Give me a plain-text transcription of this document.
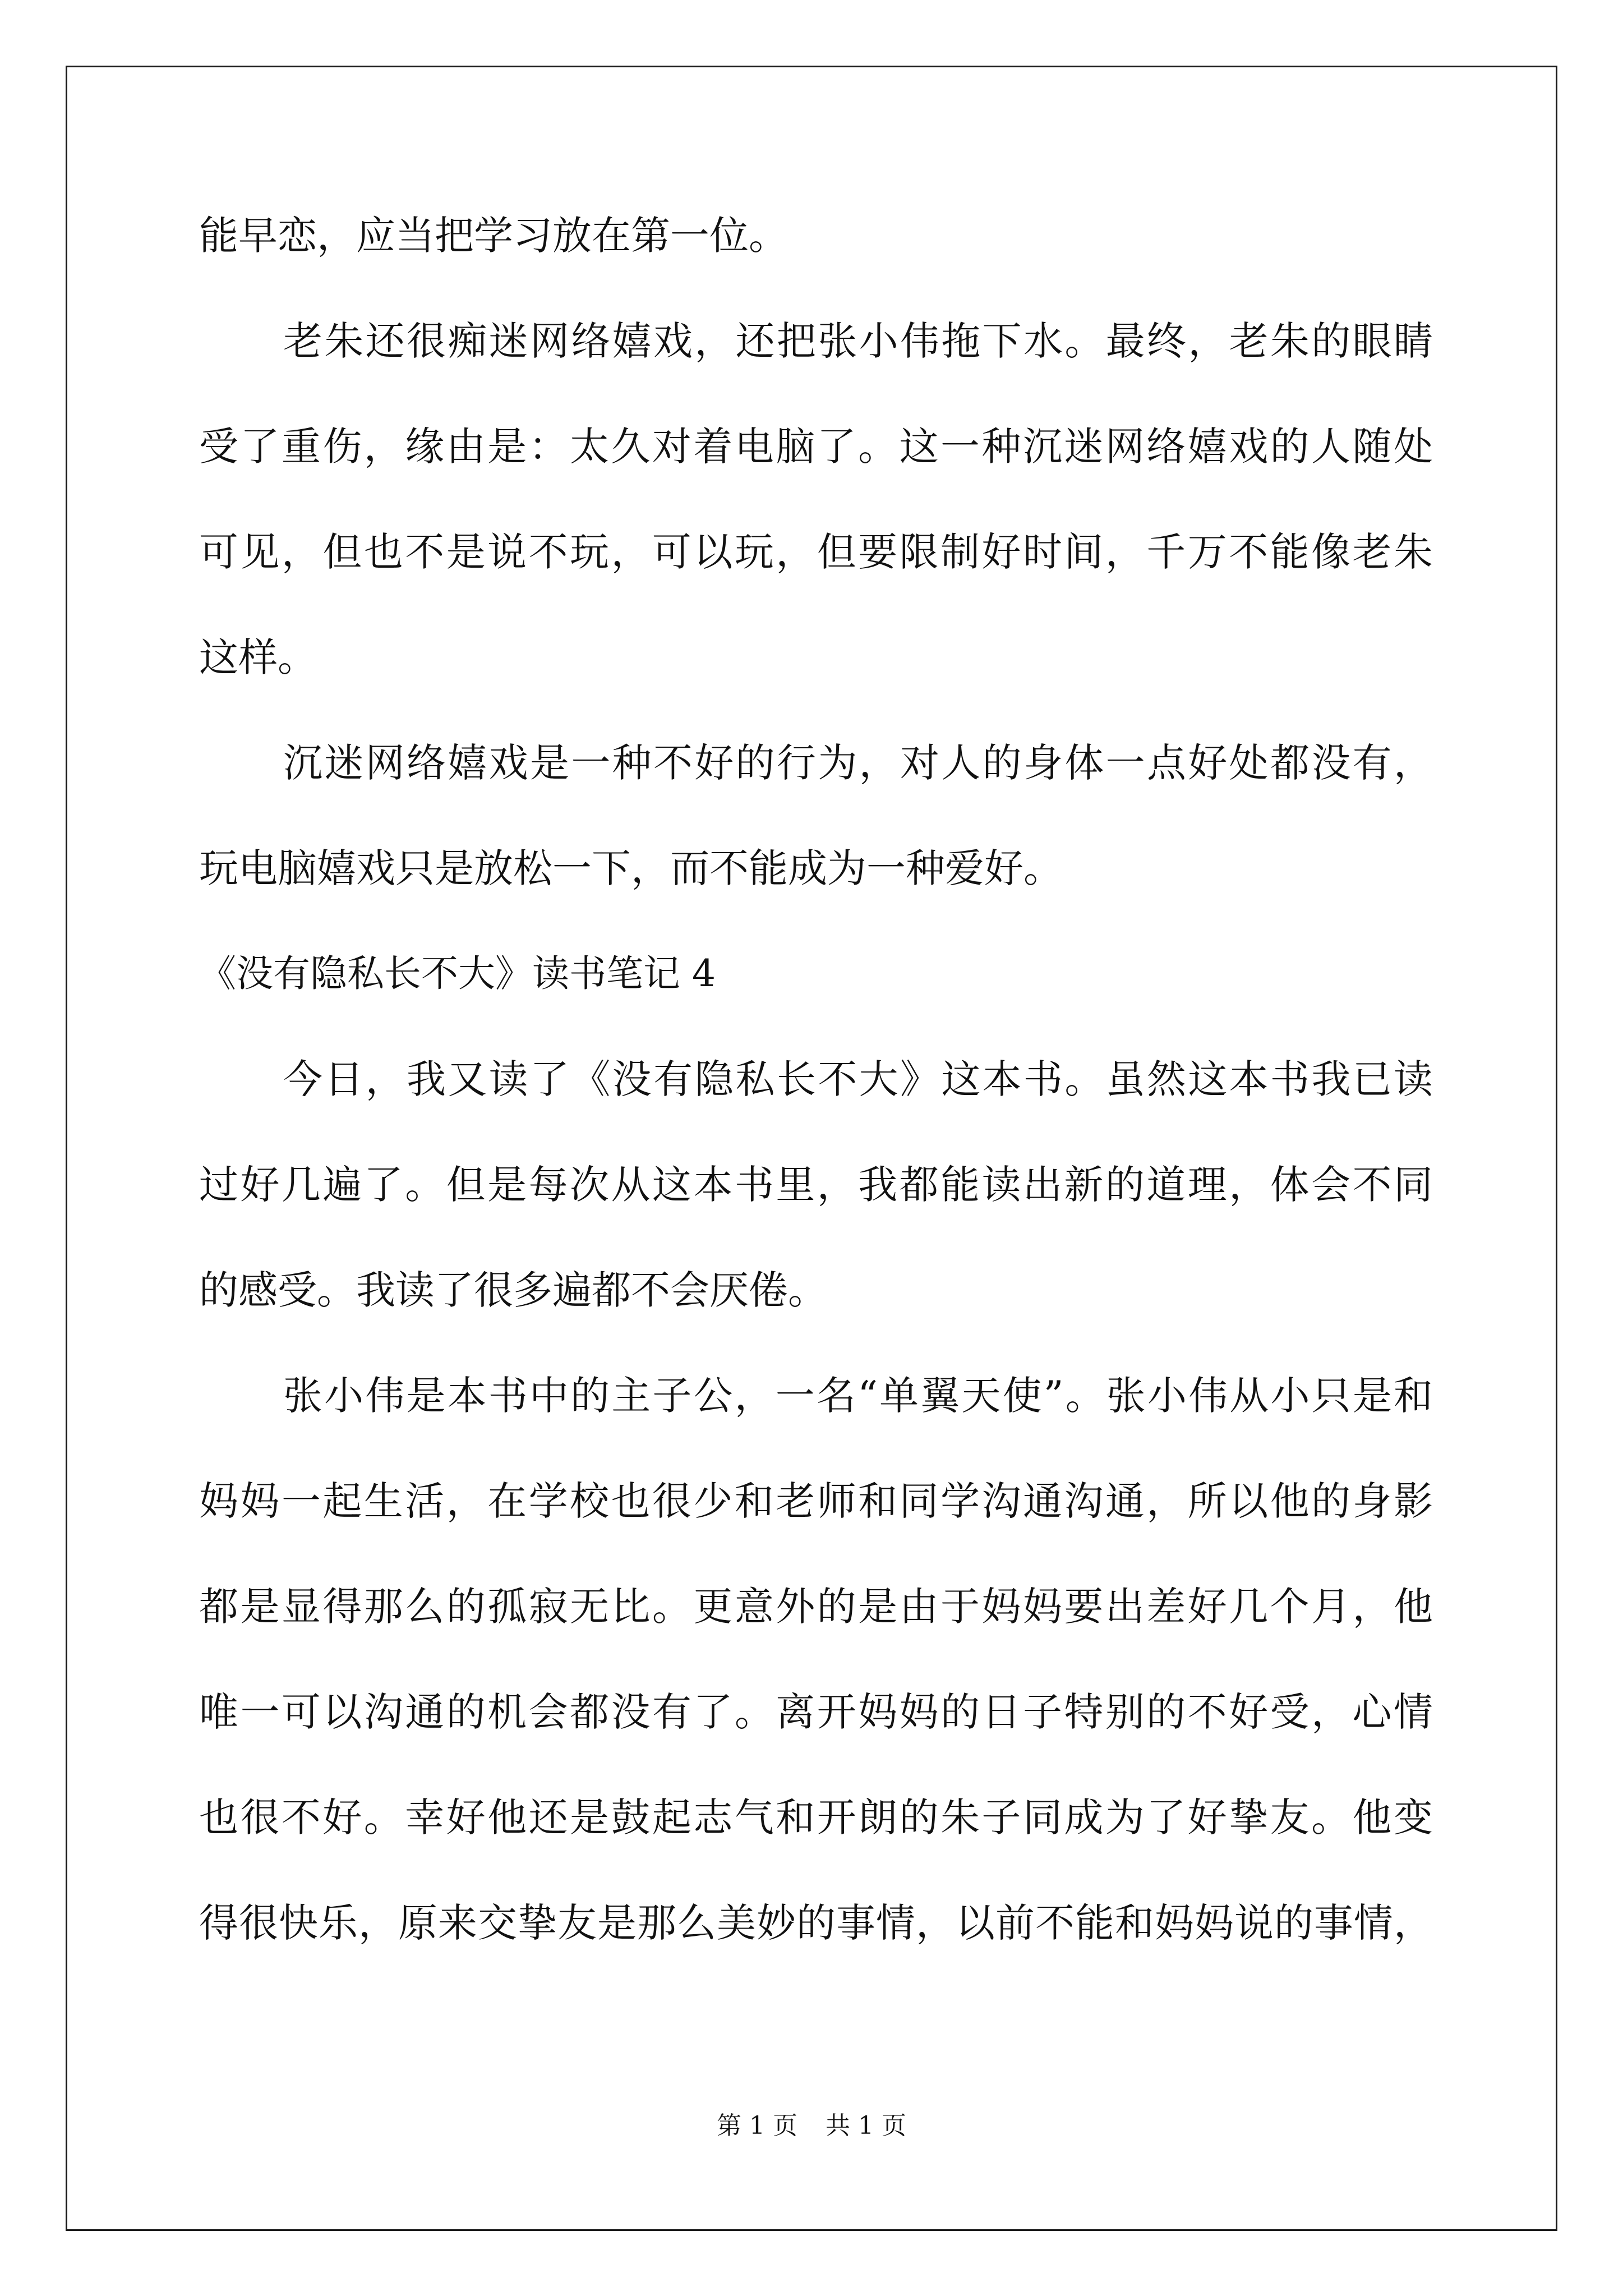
能早恋，应当把学习放在第一位。
老朱还很痴迷网络嬉戏，还把张小伟拖下水。最终，老朱的眼睛
受了重伤，缘由是：太久对着电脑了。这一种沉迷网络嬉戏的人随处
可见，但也不是说不玩，可以玩，但要限制好时间，千万不能像老朱
这样。
沉迷网络嬉戏是一种不好的行为，对人的身体一点好处都没有，
玩电脑嬉戏只是放松一下，而不能成为一种爱好。
《没有隐私长不大》读书笔记 4
今日，我又读了《没有隐私长不大》这本书。虽然这本书我已读
过好几遍了。但是每次从这本书里，我都能读出新的道理，体会不同
的感受。我读了很多遍都不会厌倦。
张小伟是本书中的主子公，一名“单翼天使”。张小伟从小只是和
妈妈一起生活，在学校也很少和老师和同学沟通沟通，所以他的身影
都是显得那么的孤寂无比。更意外的是由于妈妈要出差好几个月，他
唯一可以沟通的机会都没有了。离开妈妈的日子特别的不好受，心情
也很不好。幸好他还是鼓起志气和开朗的朱子同成为了好挚友。他变
得很快乐，原来交挚友是那么美妙的事情，以前不能和妈妈说的事情，
第 1 页 共 1 页
